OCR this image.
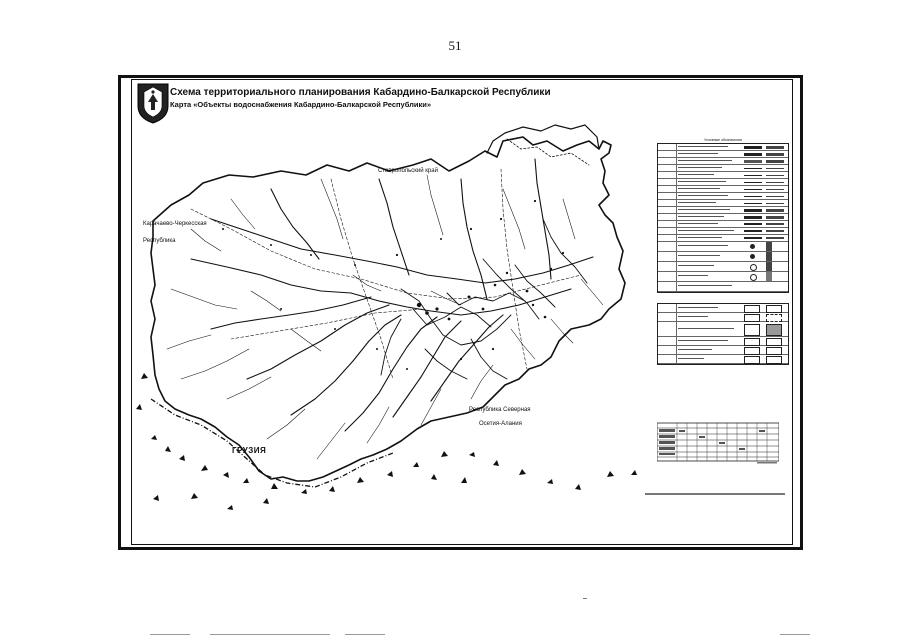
51
Схема территориального планирования Кабардино-Балкарской Республики
Карта «Объекты водоснабжения Кабардино-Балкарской Республики»
Ставропольский край
Карачаево-Черкесская
Республика
ГРУЗИЯ
Республика Северная
Осетия-Алания
Условные обозначения
